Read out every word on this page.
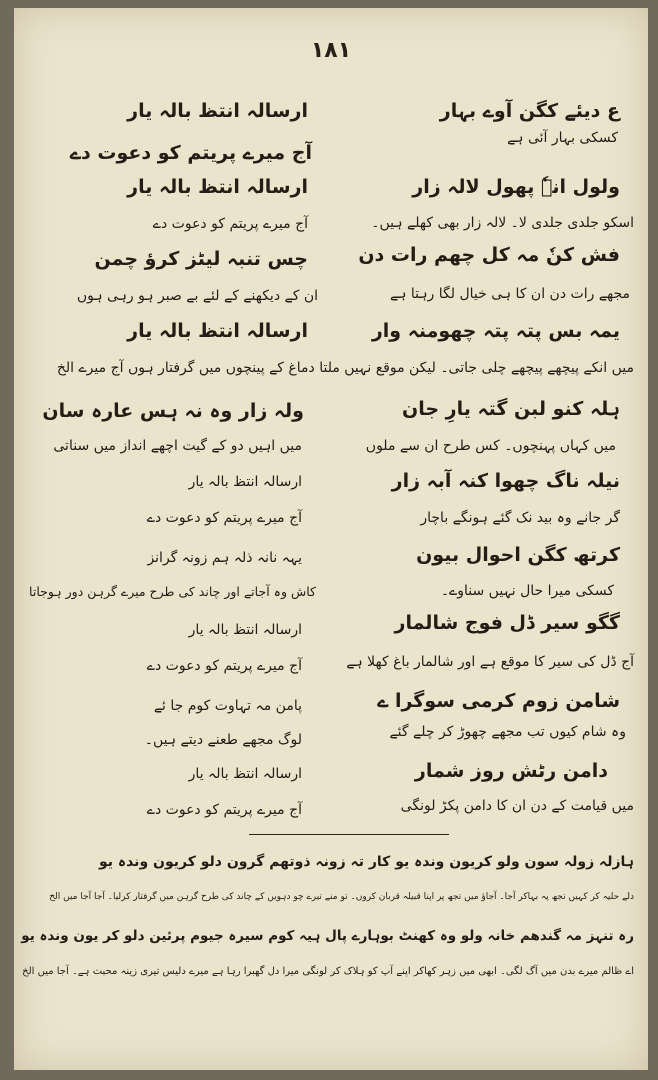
۱۸۱
ع دیئے کگن آوے بہار
کسکی بہار آئی ہے
ولول انہٗ پھول لالہ زار
اسکو جلدی جلدی لا۔ لالہ زار بھی کھلے ہیں۔
فش کنٗ مہ کل چھم رات دن
مجھے رات دن ان کا ہی خیال لگا رہتا ہے
یمہ بس پتہ پتہ چھومنہ وار
میں انکے پیچھے پیچھے چلی جاتی۔ لیکن موقع نہیں ملتا دماغ کے پینچوں میں گرفتار ہوں آج میرے الخ
ہلہ کنو لبن گتہ یارِ جان
میں کہاں پہنچوں۔ کس طرح ان سے ملوں
نیلہ ناگ چھوا کنہ آبہ زار
گر جانے وہ بید نک گئے ہونگے باچار
کرتھ کگن احوال بیون
کسکی میرا حال نہیں سناوے۔
گگو سیر ڈل فوج شالمار
آج ڈل کی سیر کا موقع ہے اور شالمار باغ کھلا ہے
شامن زوم کرمی سوگرا ے
وہ شام کیوں تب مجھے چھوڑ کر چلے گئے
دامن رٹش روز شمار
میں قیامت کے دن ان کا دامن پکڑ لونگی
ارسالہ انتظ بالہ یار
آج میرے پریتم کو دعوت دے
ارسالہ انتظ بالہ یار
آج میرے پریتم کو دعوت دے
چس تنبہ لیٹز کرؤ چمن
ان کے دیکھنے کے لئے بے صبر ہو رہی ہوں
ارسالہ انتظ بالہ یار
ولہ زار وہ نہ ہس عارہ سان
میں اہیں دو کے گیت اچھے انداز میں سناتی
ارسالہ انتظ بالہ یار
آج میرے پریتم کو دعوت دے
یہہ نانہ ذلہ ہم زونہ گرانز
کاش وہ آجاتے اور چاند کی طرح میرے گرہن دور ہوجاتا
ارسالہ انتظ بالہ یار
آج میرے پریتم کو دعوت دے
پامن مہ تہاوت کوم جا ئے
لوگ مجھے طعنے دیتے ہیں۔
ارسالہ انتظ بالہ یار
آج میرے پریتم کو دعوت دے
ہازلہ زولہ سون ولو کریون وندہ یو کار تہ زونہ ذوتھم گرون دلو کریون وندہ یو
دلے حلیہ کر کہیں تجھ پہ بہاکر آجا۔ آجاؤ میں تجھ پر اپنا قبیلہ قربان کروں۔ تو منے تیرے چو دہویں کے چاند کی طرح گرہن میں گرفتار کرلیا۔ آجا آجا میں الخ
رہ تنہز مہ گندھم خانہ ولو وہ کھنٹ بوہارے پال ہیہ کوم سیرہ جیوم پرئین دلو کر یون وندہ یو
اے ظالم میرے بدن میں آگ لگی۔ ابھی میں زہر کھاکر اپنے آپ کو ہلاک کر لونگی میرا دل گھبرا رہا ہے میرے دلیس تیری زینہ محبت ہے۔ آجا میں الخ
